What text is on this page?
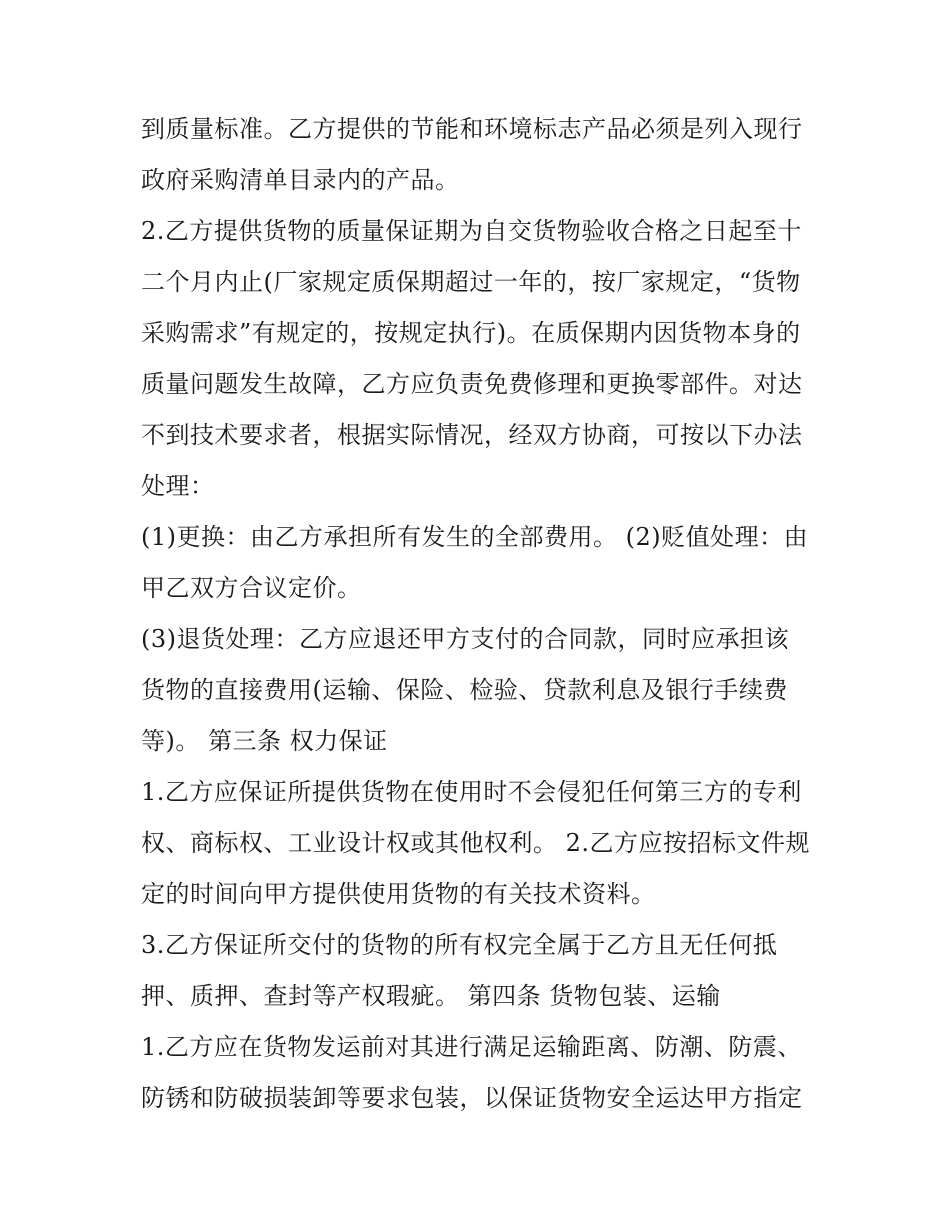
到质量标准。乙方提供的节能和环境标志产品必须是列入现行
政府采购清单目录内的产品。
2.乙方提供货物的质量保证期为自交货物验收合格之日起至十
二个月内止(厂家规定质保期超过一年的，按厂家规定，“货物
采购需求”有规定的，按规定执行)。在质保期内因货物本身的
质量问题发生故障，乙方应负责免费修理和更换零部件。对达
不到技术要求者，根据实际情况，经双方协商，可按以下办法
处理：
(1)更换：由乙方承担所有发生的全部费用。 (2)贬值处理：由
甲乙双方合议定价。
(3)退货处理：乙方应退还甲方支付的合同款，同时应承担该
货物的直接费用(运输、保险、检验、贷款利息及银行手续费
等)。 第三条 权力保证
1.乙方应保证所提供货物在使用时不会侵犯任何第三方的专利
权、商标权、工业设计权或其他权利。 2.乙方应按招标文件规
定的时间向甲方提供使用货物的有关技术资料。
3.乙方保证所交付的货物的所有权完全属于乙方且无任何抵
押、质押、查封等产权瑕疵。 第四条 货物包装、运输
1.乙方应在货物发运前对其进行满足运输距离、防潮、防震、
防锈和防破损装卸等要求包装，以保证货物安全运达甲方指定
